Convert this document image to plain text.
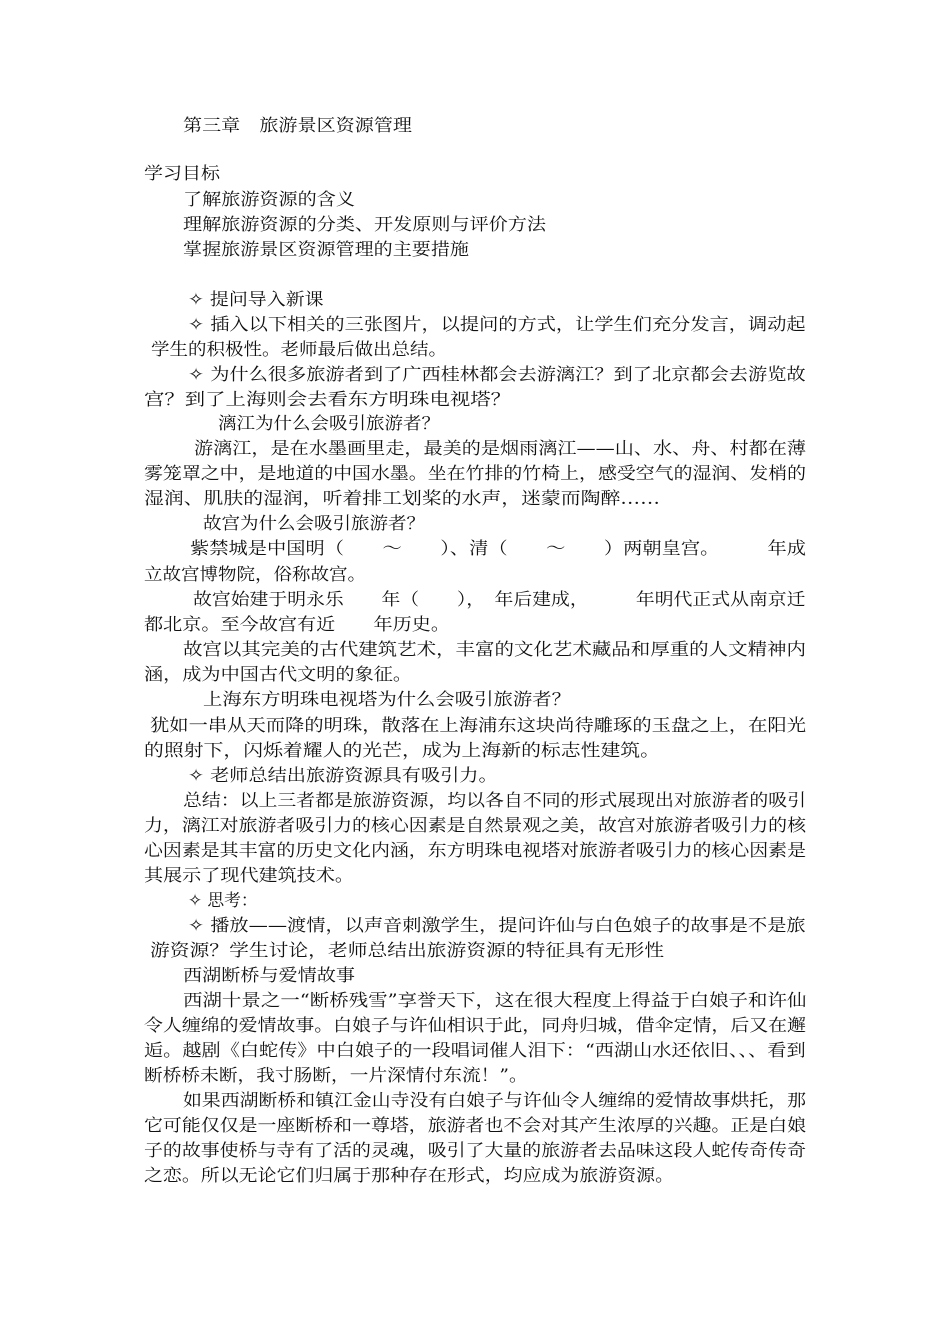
第三章　旅游景区资源管理
学习目标
了解旅游资源的含义
理解旅游资源的分类、开发原则与评价方法
掌握旅游景区资源管理的主要措施
✧ 提问导入新课
✧ 插入以下相关的三张图片，以提问的方式，让学生们充分发言，调动起
学生的积极性。老师最后做出总结。
✧ 为什么很多旅游者到了广西桂林都会去游漓江？到了北京都会去游览故
宫？到了上海则会去看东方明珠电视塔？
漓江为什么会吸引旅游者？
游漓江，是在水墨画里走，最美的是烟雨漓江——山、水、舟、村都在薄
雾笼罩之中，是地道的中国水墨。坐在竹排的竹椅上，感受空气的湿润、发梢的
湿润、肌肤的湿润，听着排工划桨的水声，迷蒙而陶醉……
故宫为什么会吸引旅游者？
紫禁城是中国明（　　～　　）、清（　　～　　）两朝皇宫。　　　年成
立故宫博物院，俗称故宫。
故宫始建于明永乐　　年（　　），　年后建成，　　　年明代正式从南京迁
都北京。至今故宫有近　　年历史。
故宫以其完美的古代建筑艺术，丰富的文化艺术藏品和厚重的人文精神内
涵，成为中国古代文明的象征。
上海东方明珠电视塔为什么会吸引旅游者？
犹如一串从天而降的明珠，散落在上海浦东这块尚待雕琢的玉盘之上，在阳光
的照射下，闪烁着耀人的光芒，成为上海新的标志性建筑。
✧ 老师总结出旅游资源具有吸引力。
总结：以上三者都是旅游资源，均以各自不同的形式展现出对旅游者的吸引
力，漓江对旅游者吸引力的核心因素是自然景观之美，故宫对旅游者吸引力的核
心因素是其丰富的历史文化内涵，东方明珠电视塔对旅游者吸引力的核心因素是
其展示了现代建筑技术。
✧ 思考：
✧ 播放——渡情，以声音刺激学生，提问许仙与白色娘子的故事是不是旅
游资源？学生讨论，老师总结出旅游资源的特征具有无形性
西湖断桥与爱情故事
西湖十景之一“断桥残雪”享誉天下，这在很大程度上得益于白娘子和许仙
令人缠绵的爱情故事。白娘子与许仙相识于此，同舟归城，借伞定情，后又在邂
逅。越剧《白蛇传》中白娘子的一段唱词催人泪下：“西湖山水还依旧、、、看到
断桥桥未断，我寸肠断，一片深情付东流！”。
如果西湖断桥和镇江金山寺没有白娘子与许仙令人缠绵的爱情故事烘托，那
它可能仅仅是一座断桥和一尊塔，旅游者也不会对其产生浓厚的兴趣。正是白娘
子的故事使桥与寺有了活的灵魂，吸引了大量的旅游者去品味这段人蛇传奇传奇
之恋。所以无论它们归属于那种存在形式，均应成为旅游资源。
